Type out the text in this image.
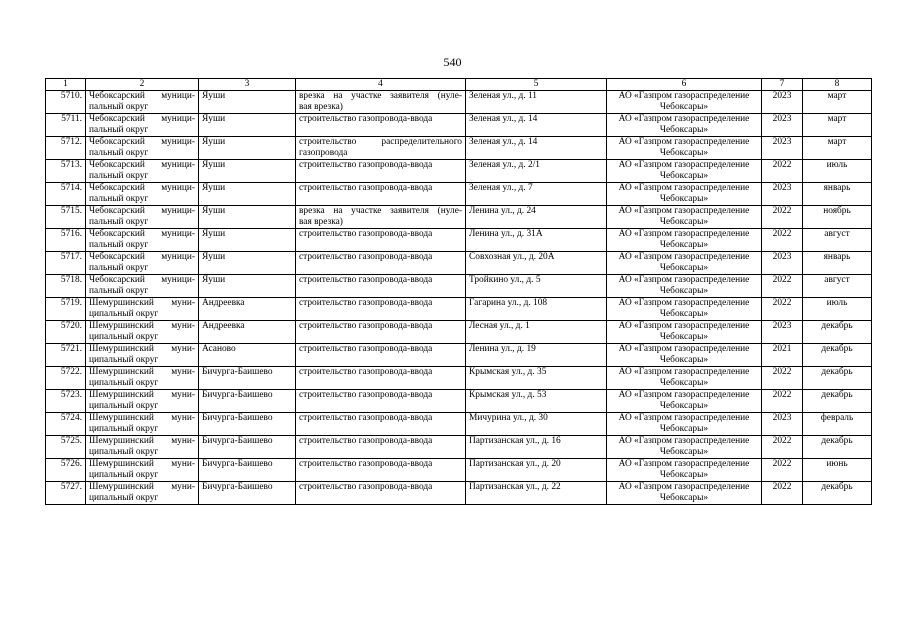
540
1	2	3	4	5	6	7	8

5710.	Чебоксарский муници-
пальный округ	Яуши	врезка на участке заявителя (нуле-
вая врезка)	Зеленая ул., д. 11	АО «Газпром газораспределение
Чебоксары»	2023	март

5711.	Чебоксарский муници-
пальный округ	Яуши	строительство газопровода-ввода	Зеленая ул., д. 14	АО «Газпром газораспределение
Чебоксары»	2023	март

5712.	Чебоксарский муници-
пальный округ	Яуши	строительство распределительного
газопровода	Зеленая ул., д. 14	АО «Газпром газораспределение
Чебоксары»	2023	март

5713.	Чебоксарский муници-
пальный округ	Яуши	строительство газопровода-ввода	Зеленая ул., д. 2/1	АО «Газпром газораспределение
Чебоксары»	2022	июль

5714.	Чебоксарский муници-
пальный округ	Яуши	строительство газопровода-ввода	Зеленая ул., д. 7	АО «Газпром газораспределение
Чебоксары»	2023	январь

5715.	Чебоксарский муници-
пальный округ	Яуши	врезка на участке заявителя (нуле-
вая врезка)	Ленина ул., д. 24	АО «Газпром газораспределение
Чебоксары»	2022	ноябрь

5716.	Чебоксарский муници-
пальный округ	Яуши	строительство газопровода-ввода	Ленина ул., д. 31А	АО «Газпром газораспределение
Чебоксары»	2022	август

5717.	Чебоксарский муници-
пальный округ	Яуши	строительство газопровода-ввода	Совхозная ул., д. 20А	АО «Газпром газораспределение
Чебоксары»	2023	январь

5718.	Чебоксарский муници-
пальный округ	Яуши	строительство газопровода-ввода	Тройкино ул., д. 5	АО «Газпром газораспределение
Чебоксары»	2022	август

5719.	Шемуршинский муни-
ципальный округ	Андреевка	строительство газопровода-ввода	Гагарина ул., д. 108	АО «Газпром газораспределение
Чебоксары»	2022	июль

5720.	Шемуршинский муни-
ципальный округ	Андреевка	строительство газопровода-ввода	Лесная ул., д. 1	АО «Газпром газораспределение
Чебоксары»	2023	декабрь

5721.	Шемуршинский муни-
ципальный округ	Асаново	строительство газопровода-ввода	Ленина ул., д. 19	АО «Газпром газораспределение
Чебоксары»	2021	декабрь

5722.	Шемуршинский муни-
ципальный округ	Бичурга-Баишево	строительство газопровода-ввода	Крымская ул., д. 35	АО «Газпром газораспределение
Чебоксары»	2022	декабрь

5723.	Шемуршинский муни-
ципальный округ	Бичурга-Баишево	строительство газопровода-ввода	Крымская ул., д. 53	АО «Газпром газораспределение
Чебоксары»	2022	декабрь

5724.	Шемуршинский муни-
ципальный округ	Бичурга-Баишево	строительство газопровода-ввода	Мичурина ул., д. 30	АО «Газпром газораспределение
Чебоксары»	2023	февраль

5725.	Шемуршинский муни-
ципальный округ	Бичурга-Баишево	строительство газопровода-ввода	Партизанская ул., д. 16	АО «Газпром газораспределение
Чебоксары»	2022	декабрь

5726.	Шемуршинский муни-
ципальный округ	Бичурга-Баишево	строительство газопровода-ввода	Партизанская ул., д. 20	АО «Газпром газораспределение
Чебоксары»	2022	июнь

5727.	Шемуршинский муни-
ципальный округ	Бичурга-Баишево	строительство газопровода-ввода	Партизанская ул., д. 22	АО «Газпром газораспределение
Чебоксары»	2022	декабрь
